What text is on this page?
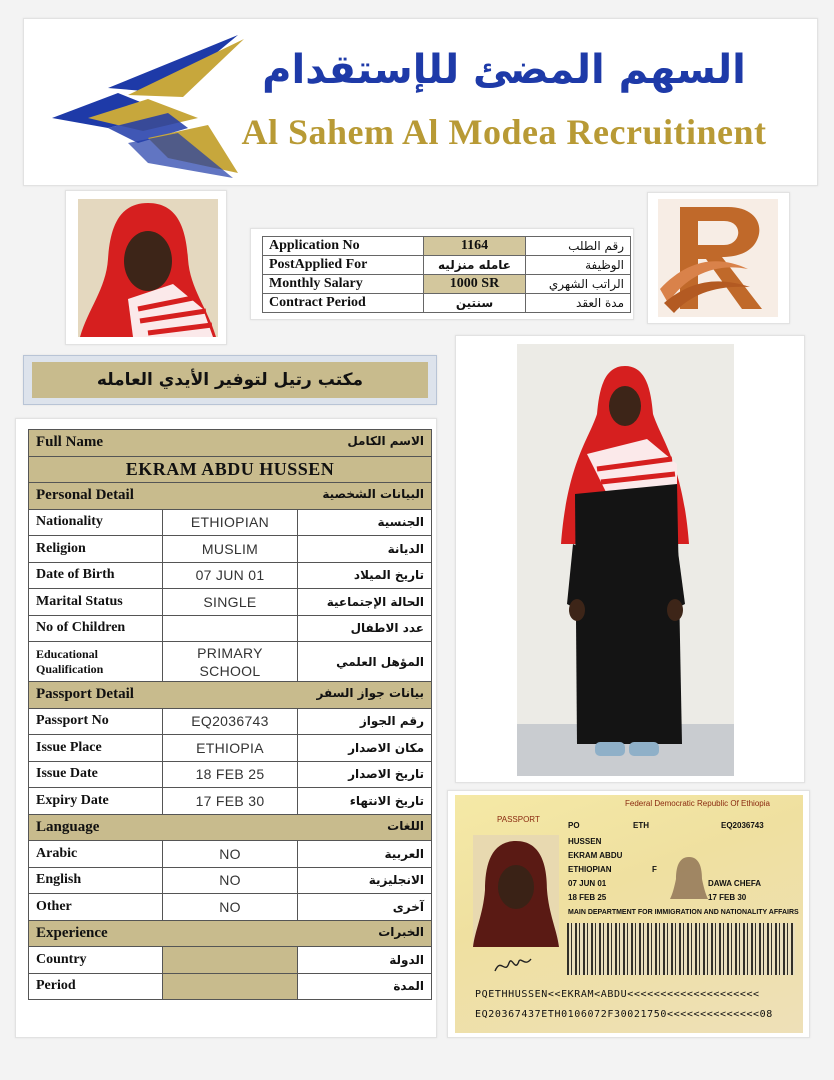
السهم المضئ للإستقدام
Al Sahem Al Modea Recruitinent
Application No	1164	رقم الطلب
PostApplied For	عامله منزليه	الوظيفة
Monthly Salary	1000 SR	الراتب الشهري
Contract Period	سنتين	مدة العقد
مكتب رتيل لتوفير الأيدي العامله
Full Name الاسم الكامل		

EKRAM ABDU HUSSEN		
Personal Detail البيانات الشخصية		

Nationality	ETHIOPIAN	الجنسية
Religion	MUSLIM	الديانة
Date of Birth	07 JUN 01	تاريخ الميلاد
Marital Status	SINGLE	الحالة الإجتماعية
No of Children		عدد الاطفال
Educational Qualification	PRIMARY SCHOOL	المؤهل العلمي
Passport Detail بيانات جواز السفر		

Passport No	EQ2036743	رقم الجواز
Issue Place	ETHIOPIA	مكان الاصدار
Issue Date	18 FEB 25	تاريخ الاصدار
Expiry Date	17 FEB 30	تاريخ الانتهاء
Language اللغات		

Arabic	NO	العربية
English	NO	الانجليزية
Other	NO	آخرى
Experience الخبرات		

Country		الدولة
Period		المدة
Federal Democratic Republic Of Ethiopia
PASSPORT
PO	ETH	EQ2036743
HUSSEN
EKRAM ABDU
ETHIOPIAN	F
07 JUN 01	DAWA CHEFA
18 FEB 25	17 FEB 30
MAIN DEPARTMENT FOR IMMIGRATION AND NATIONALITY AFFAIRS
PQETHHUSSEN<<EKRAM<ABDU<<<<<<<<<<<<<<<<<<<<
EQ20367437ETH0106072F30021750<<<<<<<<<<<<<<08
